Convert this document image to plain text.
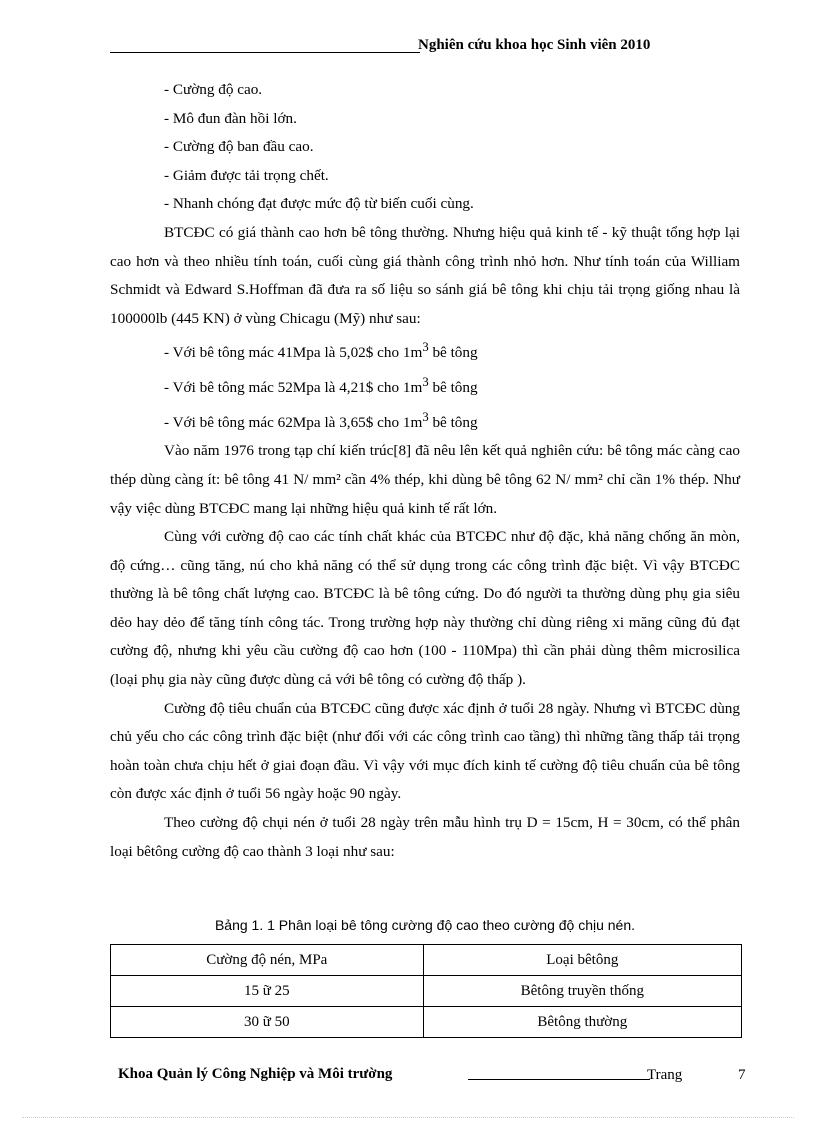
Nghiên cứu khoa học Sinh viên 2010

- Cường độ cao.

- Mô đun đàn hồi lớn.

- Cường độ ban đầu cao.

- Giảm được tải trọng chết.

- Nhanh chóng đạt được mức độ từ biến cuối cùng.

BTCĐC có giá thành cao hơn bê tông thường. Nhưng hiệu quả kinh tế - kỹ thuật tổng hợp lại cao hơn và theo nhiều tính toán, cuối cùng giá thành công trình nhỏ hơn. Như tính toán của William Schmidt và Edward S.Hoffman đã đưa ra số liệu so sánh giá bê tông khi chịu tải trọng giống nhau là 100000lb (445 KN) ở vùng Chicagu (Mỹ) như sau:

- Với bê tông mác 41Mpa là 5,02$ cho $1m^3$ bê tông

- Với bê tông mác 52Mpa là 4,21$ cho $1m^3$ bê tông

- Với bê tông mác 62Mpa là 3,65$ cho $1m^3$ bê tông

Vào năm 1976 trong tạp chí kiến trúc[8] đã nêu lên kết quả nghiên cứu: bê tông mác càng cao thép dùng càng ít: bê tông 41 N/ mm² cần 4% thép, khi dùng bê tông 62 N/ mm² chỉ cần 1% thép. Như vậy việc dùng BTCĐC mang lại những hiệu quả kinh tế rất lớn.

Cùng với cường độ cao các tính chất khác của BTCĐC như độ đặc, khả năng chống ăn mòn, độ cứng… cũng tăng, nú cho khả năng có thể sử dụng trong các công trình đặc biệt. Vì vậy BTCĐC thường là bê tông chất lượng cao. BTCĐC là bê tông cứng. Do đó người ta thường dùng phụ gia siêu dẻo hay dẻo để tăng tính công tác. Trong trường hợp này thường chỉ dùng riêng xi măng cũng đủ đạt cường độ, nhưng khi yêu cầu cường độ cao hơn (100 - 110Mpa) thì cần phải dùng thêm microsilica (loại phụ gia này cũng được dùng cả với bê tông có cường độ thấp ).

Cường độ tiêu chuẩn của BTCĐC cũng được xác định ở tuổi 28 ngày. Nhưng vì BTCĐC dùng chủ yếu cho các công trình đặc biệt (như đối với các công trình cao tầng) thì những tầng thấp tải trọng hoàn toàn chưa chịu hết ở giai đoạn đầu. Vì vậy với mục đích kinh tế cường độ tiêu chuẩn của bê tông còn được xác định ở tuổi 56 ngày hoặc 90 ngày.

Theo cường độ chụi nén ở tuổi 28 ngày trên mẫu hình trụ D = 15cm, H = 30cm, có thể phân loại bêtông cường độ cao thành 3 loại như sau:

Bảng 1. 1 Phân loại bê tông cường độ cao theo cường độ chịu nén.
Cường độ nén, MPa	Loại bêtông
15 ữ 25	Bêtông truyền thống
30 ữ 50	Bêtông thường
Khoa Quản lý Công Nghiệp và Môi trường	Trang	7
